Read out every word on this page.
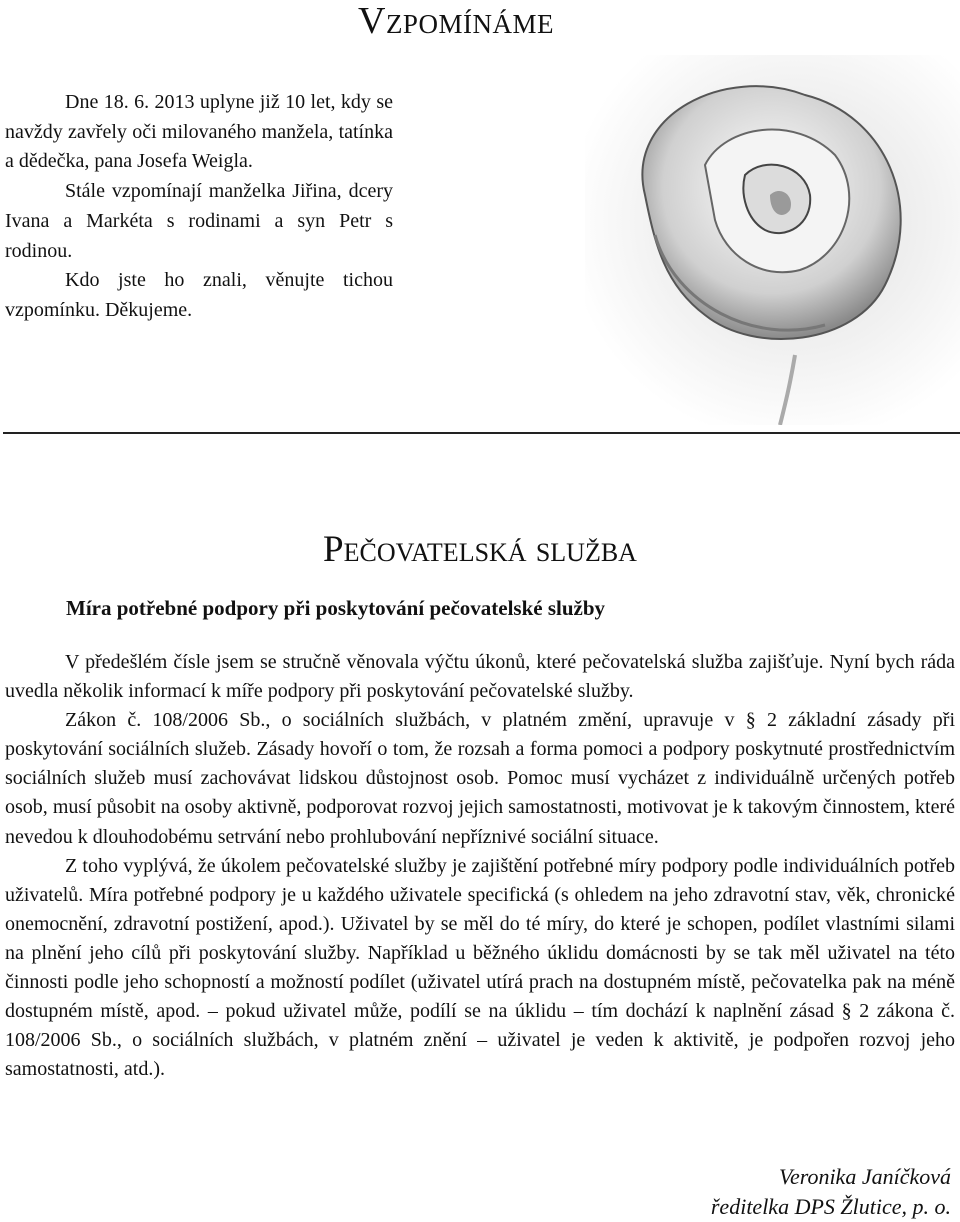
Vzpomínáme

Dne 18. 6. 2013 uplyne již 10 let, kdy se navždy zavřely oči milovaného manžela, tatínka a dědečka, pana Josefa Weigla.

Stále vzpomínají manželka Jiřina, dcery Ivana a Markéta s rodinami a syn Petr s rodinou.

Kdo jste ho znali, věnujte tichou vzpomínku. Děkujeme.

Pečovatelská služba
Míra potřebné podpory při poskytování pečovatelské služby

V předešlém čísle jsem se stručně věnovala výčtu úkonů, které pečovatelská služba zajišťuje. Nyní bych ráda uvedla několik informací k míře podpory při poskytování pečovatelské služby.

Zákon č. 108/2006 Sb., o sociálních službách, v platném změní, upravuje v § 2 základní zásady při poskytování sociálních služeb. Zásady hovoří o tom, že rozsah a forma pomoci a podpory poskytnuté prostřednictvím sociálních služeb musí zachovávat lidskou důstojnost osob. Pomoc musí vycházet z individuálně určených potřeb osob, musí působit na osoby aktivně, podporovat rozvoj jejich samostatnosti, motivovat je k takovým činnostem, které nevedou k dlouhodobému setrvání nebo prohlubování nepříznivé sociální situace.

Z toho vyplývá, že úkolem pečovatelské služby je zajištění potřebné míry podpory podle individuálních potřeb uživatelů. Míra potřebné podpory je u každého uživatele specifická (s ohledem na jeho zdravotní stav, věk, chronické onemocnění, zdravotní postižení, apod.). Uživatel by se měl do té míry, do které je schopen, podílet vlastními silami na plnění jeho cílů při poskytování služby. Například u běžného úklidu domácnosti by se tak měl uživatel na této činnosti podle jeho schopností a možností podílet (uživatel utírá prach na dostupném místě, pečovatelka pak na méně dostupném místě, apod. – pokud uživatel může, podílí se na úklidu – tím dochází k naplnění zásad § 2 zákona č. 108/2006 Sb., o sociálních službách, v platném znění – uživatel je veden k aktivitě, je podpořen rozvoj jeho samostatnosti, atd.).

Veronika Janíčková
ředitelka DPS Žlutice, p. o.
